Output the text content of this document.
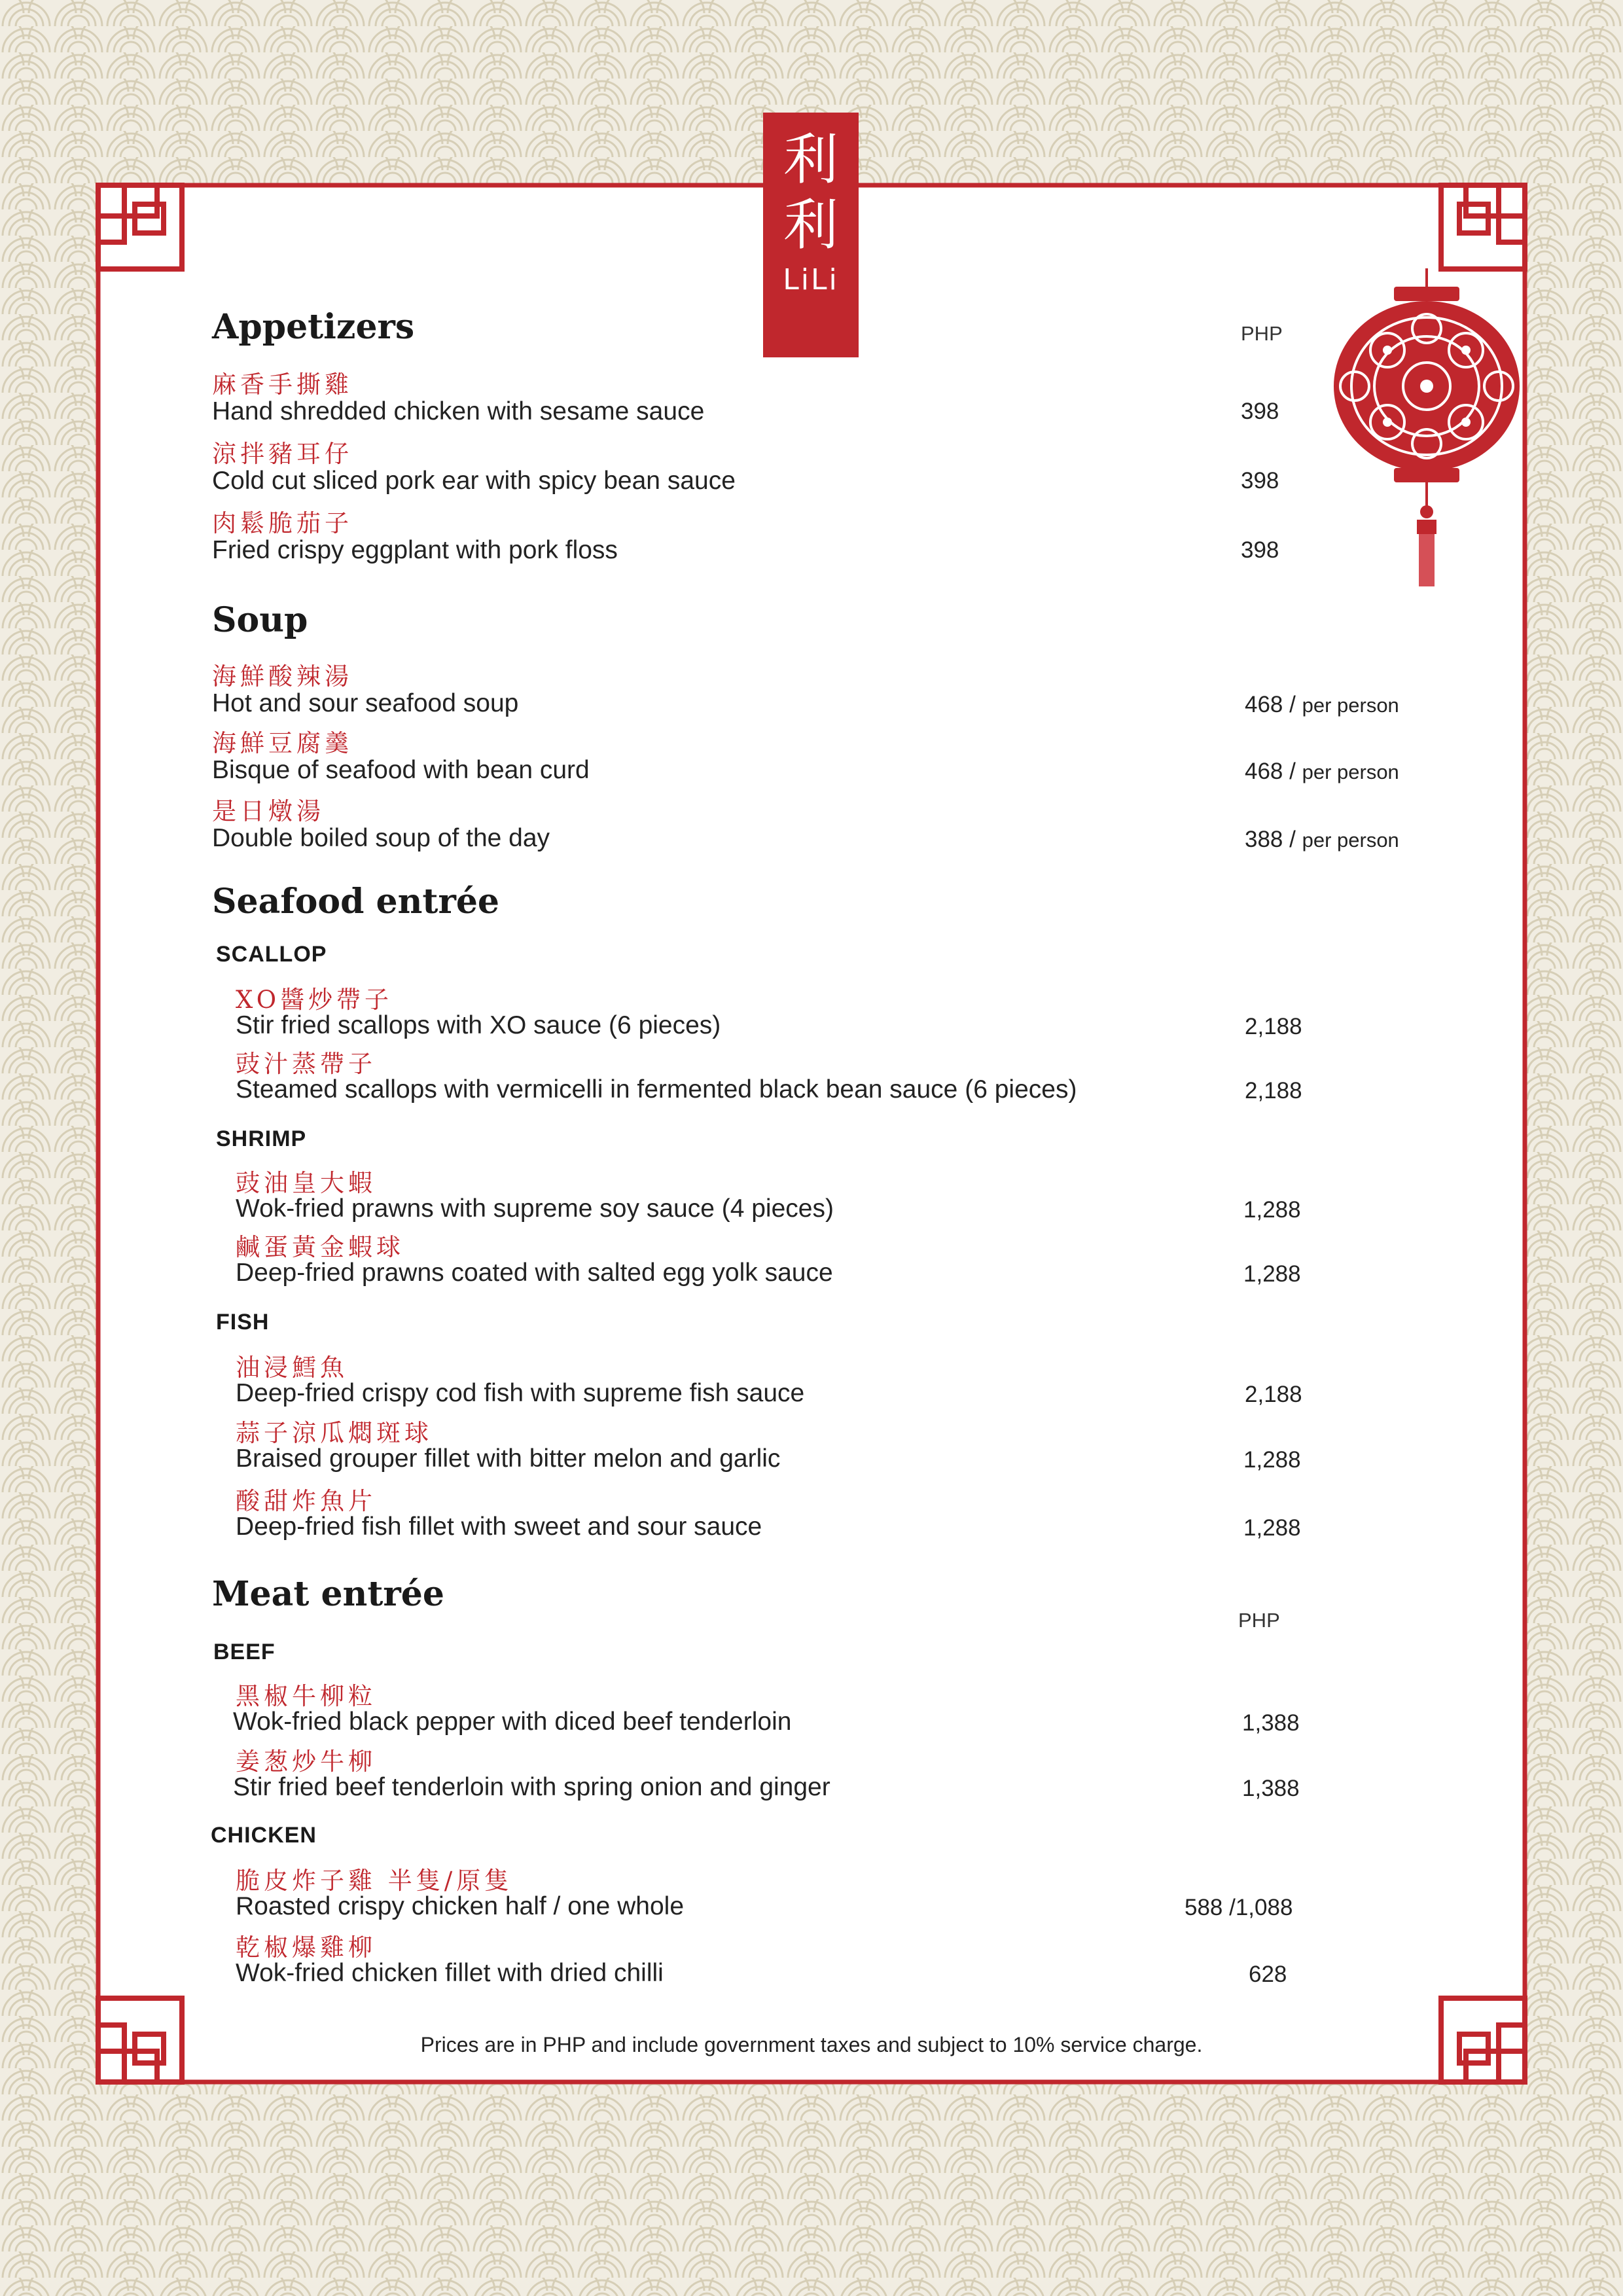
利
利
LiLi
Appetizers	PHP
麻香手撕雞
Hand shredded chicken with sesame sauce	398
涼拌豬耳仔
Cold cut sliced pork ear with spicy bean sauce	398
肉鬆脆茄子
Fried crispy eggplant with pork floss	398
Soup
海鮮酸辣湯
Hot and sour seafood soup	468 / per person
海鮮豆腐羹
Bisque of seafood with bean curd	468 / per person
是日燉湯
Double boiled soup of the day	388 / per person
Seafood entrée
SCALLOP
XO醬炒帶子
Stir fried scallops with XO sauce (6 pieces)	2,188
豉汁蒸帶子
Steamed scallops with vermicelli in fermented black bean sauce (6 pieces)	2,188
SHRIMP
豉油皇大蝦
Wok-fried prawns with supreme soy sauce (4 pieces)	1,288
鹹蛋黃金蝦球
Deep-fried prawns coated with salted egg yolk sauce	1,288
FISH
油浸鱈魚
Deep-fried crispy cod fish with supreme fish sauce	2,188
蒜子涼瓜燜斑球
Braised grouper fillet with bitter melon and garlic	1,288
酸甜炸魚片
Deep-fried fish fillet with sweet and sour sauce	1,288
Meat entrée
PHP
BEEF
黑椒牛柳粒
Wok-fried black pepper with diced beef tenderloin	1,388
姜葱炒牛柳
Stir fried beef tenderloin with spring onion and ginger	1,388
CHICKEN
脆皮炸子雞 半隻/原隻
Roasted crispy chicken half / one whole	588 /1,088
乾椒爆雞柳
Wok-fried chicken fillet with dried chilli	628
Prices are in PHP and include government taxes and subject to 10% service charge.
